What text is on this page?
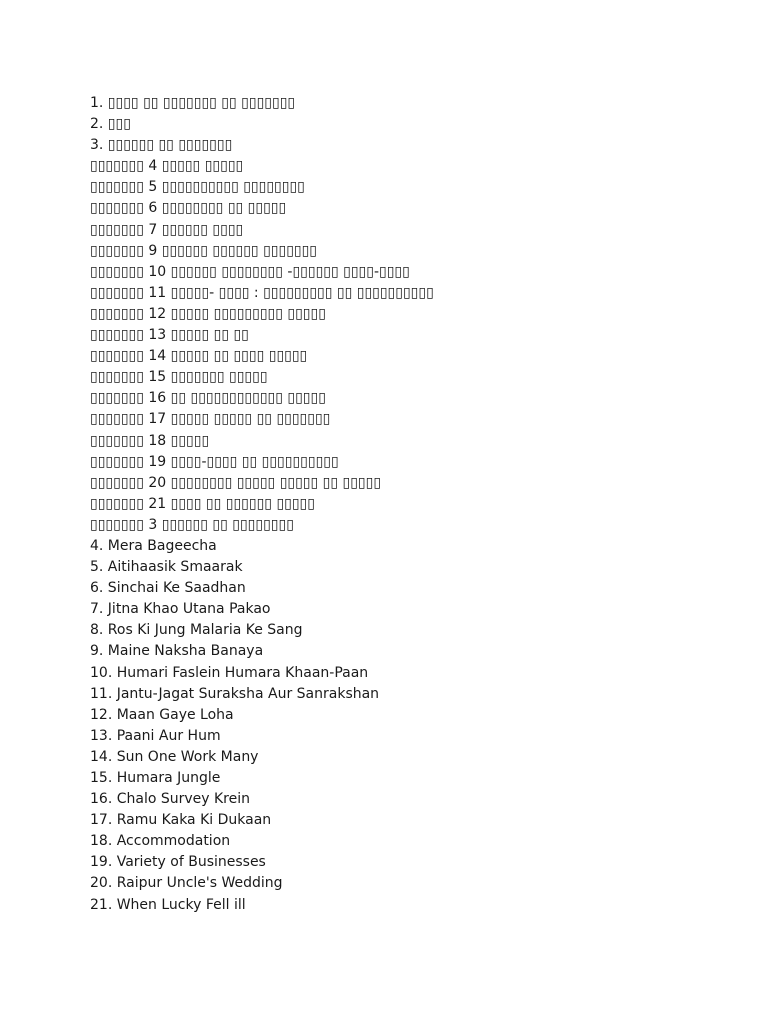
1. ▯▯▯▯ ▯▯ ▯▯▯▯▯▯▯ ▯▯ ▯▯▯▯▯▯▯
2. ▯▯▯
3. ▯▯▯▯▯▯ ▯▯ ▯▯▯▯▯▯▯
▯▯▯▯▯▯▯ 4 ▯▯▯▯▯ ▯▯▯▯▯
▯▯▯▯▯▯▯ 5 ▯▯▯▯▯▯▯▯▯▯ ▯▯▯▯▯▯▯▯
▯▯▯▯▯▯▯ 6 ▯▯▯▯▯▯▯▯ ▯▯ ▯▯▯▯▯
▯▯▯▯▯▯▯ 7 ▯▯▯▯▯▯ ▯▯▯▯
▯▯▯▯▯▯▯ 9 ▯▯▯▯▯▯ ▯▯▯▯▯▯ ▯▯▯▯▯▯▯
▯▯▯▯▯▯▯ 10 ▯▯▯▯▯▯ ▯▯▯▯▯▯▯▯ -▯▯▯▯▯▯ ▯▯▯▯-▯▯▯▯
▯▯▯▯▯▯▯ 11 ▯▯▯▯▯- ▯▯▯▯ : ▯▯▯▯▯▯▯▯▯ ▯▯ ▯▯▯▯▯▯▯▯▯▯
▯▯▯▯▯▯▯ 12 ▯▯▯▯▯ ▯▯▯▯▯▯▯▯▯ ▯▯▯▯▯
▯▯▯▯▯▯▯ 13 ▯▯▯▯▯ ▯▯ ▯▯
▯▯▯▯▯▯▯ 14 ▯▯▯▯▯ ▯▯ ▯▯▯▯ ▯▯▯▯▯
▯▯▯▯▯▯▯ 15 ▯▯▯▯▯▯▯ ▯▯▯▯▯
▯▯▯▯▯▯▯ 16 ▯▯ ▯▯▯▯▯▯▯▯▯▯▯▯ ▯▯▯▯▯
▯▯▯▯▯▯▯ 17 ▯▯▯▯▯ ▯▯▯▯▯ ▯▯ ▯▯▯▯▯▯▯
▯▯▯▯▯▯▯ 18 ▯▯▯▯▯
▯▯▯▯▯▯▯ 19 ▯▯▯▯-▯▯▯▯ ▯▯ ▯▯▯▯▯▯▯▯▯▯
▯▯▯▯▯▯▯ 20 ▯▯▯▯▯▯▯▯ ▯▯▯▯▯ ▯▯▯▯▯ ▯▯ ▯▯▯▯▯
▯▯▯▯▯▯▯ 21 ▯▯▯▯ ▯▯ ▯▯▯▯▯▯ ▯▯▯▯▯
▯▯▯▯▯▯▯ 3 ▯▯▯▯▯▯ ▯▯ ▯▯▯▯▯▯▯▯
4. Mera Bageecha
5. Aitihaasik Smaarak
6. Sinchai Ke Saadhan
7. Jitna Khao Utana Pakao
8. Ros Ki Jung Malaria Ke Sang
9. Maine Naksha Banaya
10. Humari Faslein Humara Khaan-Paan
11. Jantu-Jagat Suraksha Aur Sanrakshan
12. Maan Gaye Loha
13. Paani Aur Hum
14. Sun One Work Many
15. Humara Jungle
16. Chalo Survey Krein
17. Ramu Kaka Ki Dukaan
18. Accommodation
19. Variety of Businesses
20. Raipur Uncle's Wedding
21. When Lucky Fell ill
